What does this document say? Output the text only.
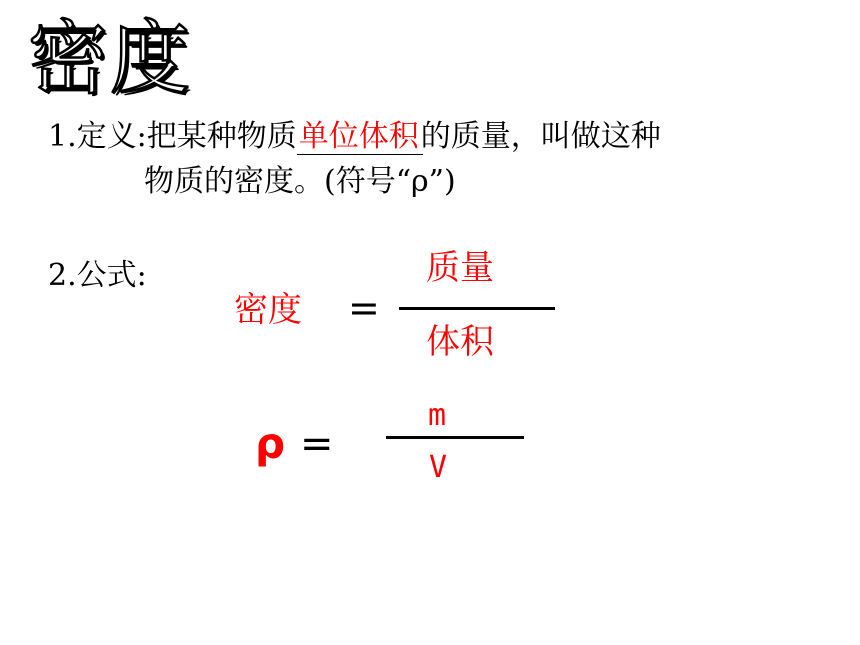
密度
1.定义:把某种物质单位体积
的质量，叫做这种
物质的密度。(符号“ρ”)
2.公式:
密度 =
质量
体积
ρ =
m
V
